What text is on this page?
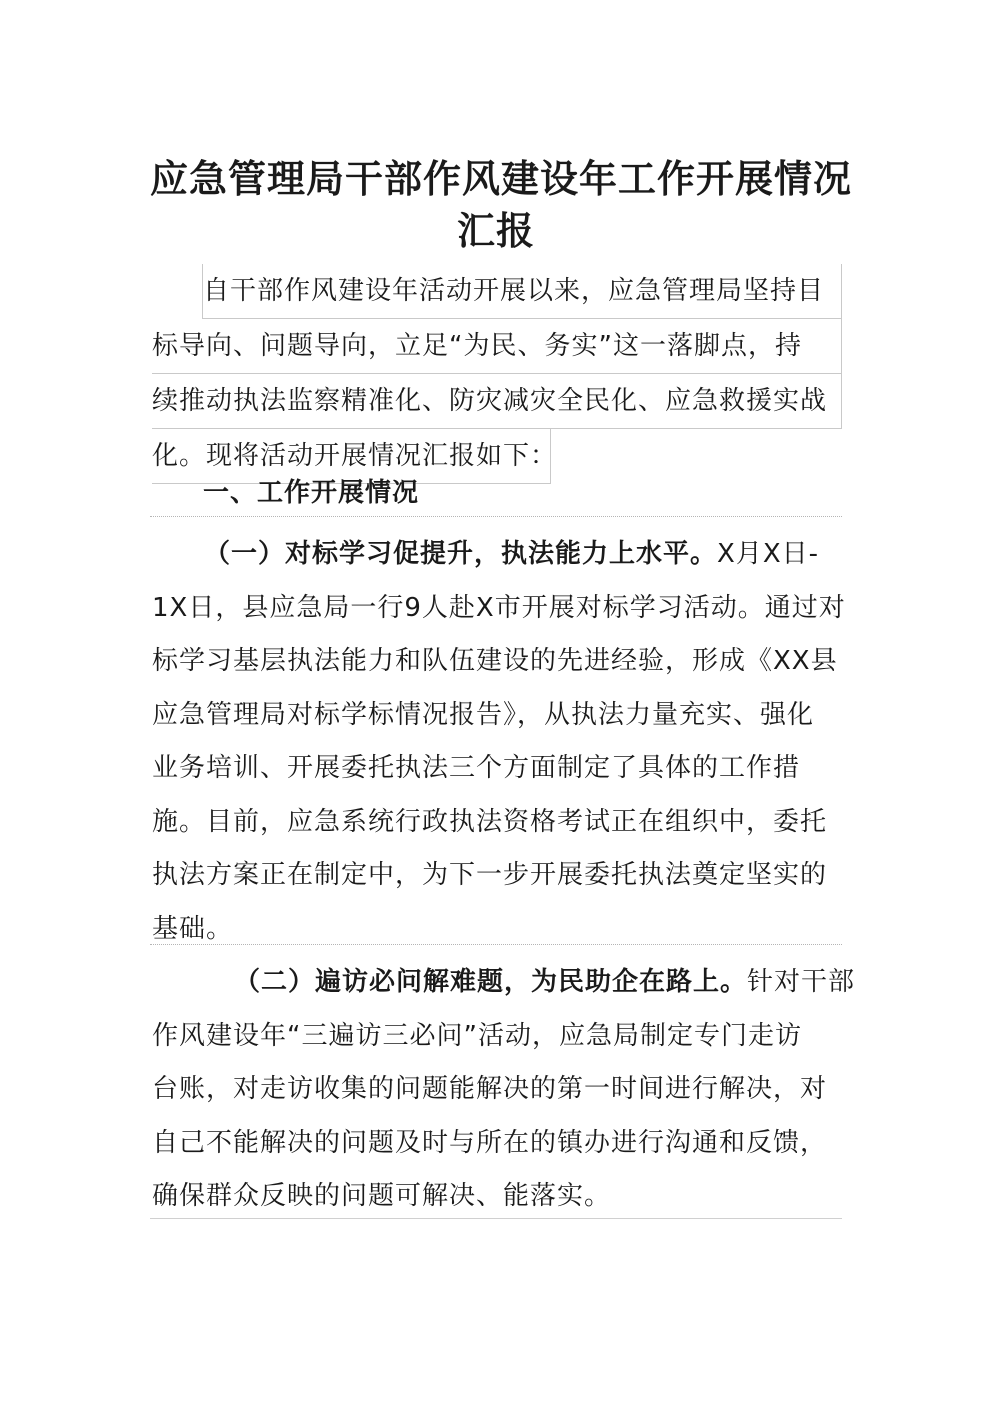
应急管理局干部作风建设年工作开展情况
汇报
自干部作风建设年活动开展以来，应急管理局坚持目
标导向、问题导向，立足“为民、务实”这一落脚点，持
续推动执法监察精准化、防灾减灾全民化、应急救援实战
化。现将活动开展情况汇报如下：
一、工作开展情况
（一）对标学习促提升，执法能力上水平。X月X日-
1X日，县应急局一行9人赴X市开展对标学习活动。通过对
标学习基层执法能力和队伍建设的先进经验，形成《XX县
应急管理局对标学标情况报告》，从执法力量充实、强化
业务培训、开展委托执法三个方面制定了具体的工作措
施。目前，应急系统行政执法资格考试正在组织中，委托
执法方案正在制定中，为下一步开展委托执法奠定坚实的
基础。
（二）遍访必问解难题，为民助企在路上。针对干部
作风建设年“三遍访三必问”活动，应急局制定专门走访
台账，对走访收集的问题能解决的第一时间进行解决，对
自己不能解决的问题及时与所在的镇办进行沟通和反馈，
确保群众反映的问题可解决、能落实。
